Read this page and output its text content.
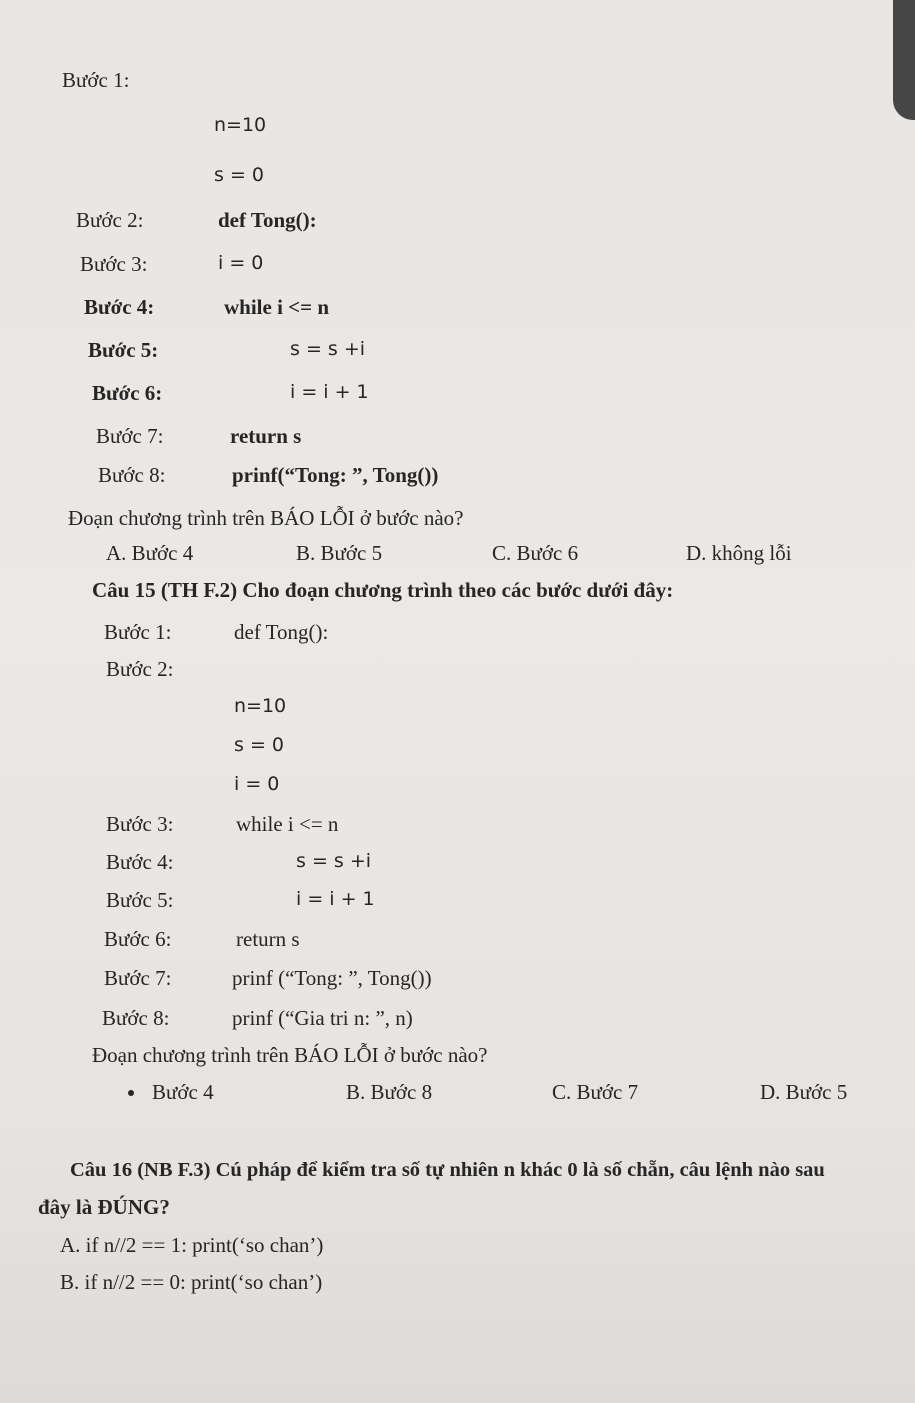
Bước 1:
n=10
s = 0
Bước 2:	def Tong():
Bước 3:	i = 0
Bước 4:	while i <= n
Bước 5:	s = s +i
Bước 6:	i = i + 1
Bước 7:	return s
Bước 8:	prinf(“Tong: ”, Tong())
Đoạn chương trình trên BÁO LỖI ở bước nào?
A. Bước 4	B. Bước 5	C. Bước 6	D. không lỗi
Câu 15 (TH F.2) Cho đoạn chương trình theo các bước dưới đây:
Bước 1:	def Tong():
Bước 2:
n=10
s = 0
i = 0
Bước 3:	while i <= n
Bước 4:	s = s +i
Bước 5:	i = i + 1
Bước 6:	return s
Bước 7:	prinf (“Tong: ”, Tong())
Bước 8:	prinf (“Gia tri n: ”, n)
Đoạn chương trình trên BÁO LỖI ở bước nào?
Bước 4	B. Bước 8	C. Bước 7	D. Bước 5
Câu 16 (NB F.3) Cú pháp để kiểm tra số tự nhiên n khác 0 là số chẵn, câu lệnh nào sau
đây là ĐÚNG?
A. if n//2 == 1: print(‘so chan’)
B. if n//2 == 0: print(‘so chan’)
